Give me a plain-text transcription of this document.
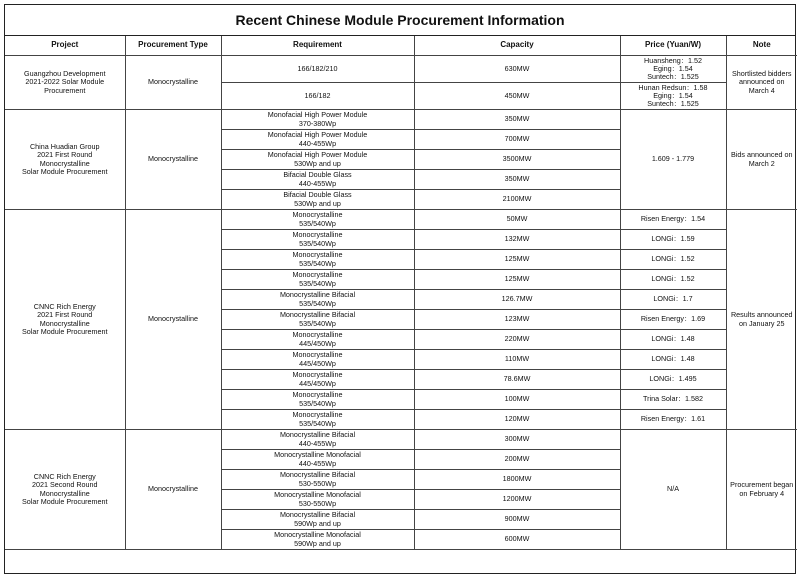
Recent Chinese Module Procurement Information
Project	Procurement Type	Requirement	Capacity	Price (Yuan/W)	Note
Guangzhou Development
2021-2022 Solar Module
Procurement	Monocrystalline	166/182/210	630MW	Huansheng：1.52
Eging：1.54
Suntech：1.525	Shortlisted bidders
announced on
March 4
		166/182	450MW	Hunan Redsun：1.58
Eging：1.54
Suntech：1.525	
China Huadian Group
2021 First Round
Monocrystalline
Solar Module Procurement	Monocrystalline	Monofacial High Power Module
370-380Wp	350MW	1.609 - 1.779	Bids announced on
March 2
		Monofacial High Power Module
440-455Wp	700MW		
		Monofacial High Power Module
530Wp and up	3500MW		
		Bifacial Double Glass
440-455Wp	350MW		
		Bifacial Double Glass
530Wp and up	2100MW		
CNNC Rich Energy
2021 First Round
Monocrystalline
Solar Module Procurement	Monocrystalline	Monocrystalline
535/540Wp	50MW	Risen Energy：1.54	Results announced
on January 25
		Monocrystalline
535/540Wp	132MW	LONGi：1.59	
		Monocrystalline
535/540Wp	125MW	LONGi：1.52	
		Monocrystalline
535/540Wp	125MW	LONGi：1.52	
		Monocrystalline Bifacial
535/540Wp	126.7MW	LONGi：1.7	
		Monocrystalline Bifacial
535/540Wp	123MW	Risen Energy：1.69	
		Monocrystalline
445/450Wp	220MW	LONGi：1.48	
		Monocrystalline
445/450Wp	110MW	LONGi：1.48	
		Monocrystalline
445/450Wp	78.6MW	LONGi：1.495	
		Monocrystalline
535/540Wp	100MW	Trina Solar：1.582	
		Monocrystalline
535/540Wp	120MW	Risen Energy：1.61	
CNNC Rich Energy
2021 Second Round
Monocrystalline
Solar Module Procurement	Monocrystalline	Monocrystalline Bifacial
440-455Wp	300MW	N/A	Procurement began
on February 4
		Monocrystalline Monofacial
440-455Wp	200MW		
		Monocrystalline Bifacial
530-550Wp	1800MW		
		Monocrystalline Monofacial
530-550Wp	1200MW		
		Monocrystalline Bifacial
590Wp and up	900MW		
		Monocrystalline Monofacial
590Wp and up	600MW		
